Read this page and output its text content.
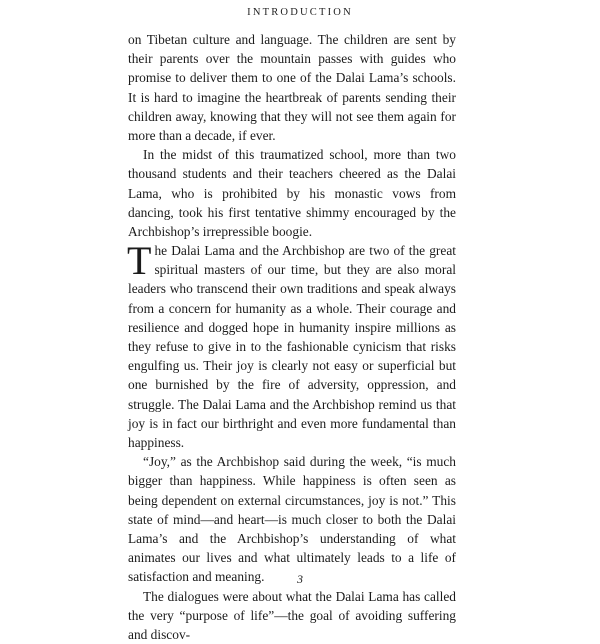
INTRODUCTION

on Tibetan culture and language. The children are sent by their parents over the mountain passes with guides who promise to deliver them to one of the Dalai Lama’s schools. It is hard to imagine the heartbreak of parents sending their children away, knowing that they will not see them again for more than a decade, if ever.

In the midst of this traumatized school, more than two thousand students and their teachers cheered as the Dalai Lama, who is prohibited by his monastic vows from dancing, took his first tentative shimmy encouraged by the Archbishop’s irrepressible boogie.

The Dalai Lama and the Archbishop are two of the great spiritual masters of our time, but they are also moral leaders who transcend their own traditions and speak always from a concern for humanity as a whole. Their courage and resilience and dogged hope in humanity inspire millions as they refuse to give in to the fashionable cynicism that risks engulfing us. Their joy is clearly not easy or superficial but one burnished by the fire of adversity, oppression, and struggle. The Dalai Lama and the Archbishop remind us that joy is in fact our birthright and even more fundamental than happiness.

“Joy,” as the Archbishop said during the week, “is much bigger than happiness. While happiness is often seen as being dependent on external circumstances, joy is not.” This state of mind—and heart—is much closer to both the Dalai Lama’s and the Archbishop’s understanding of what animates our lives and what ultimately leads to a life of satisfaction and meaning.

The dialogues were about what the Dalai Lama has called the very “purpose of life”—the goal of avoiding suffering and discov-

3
